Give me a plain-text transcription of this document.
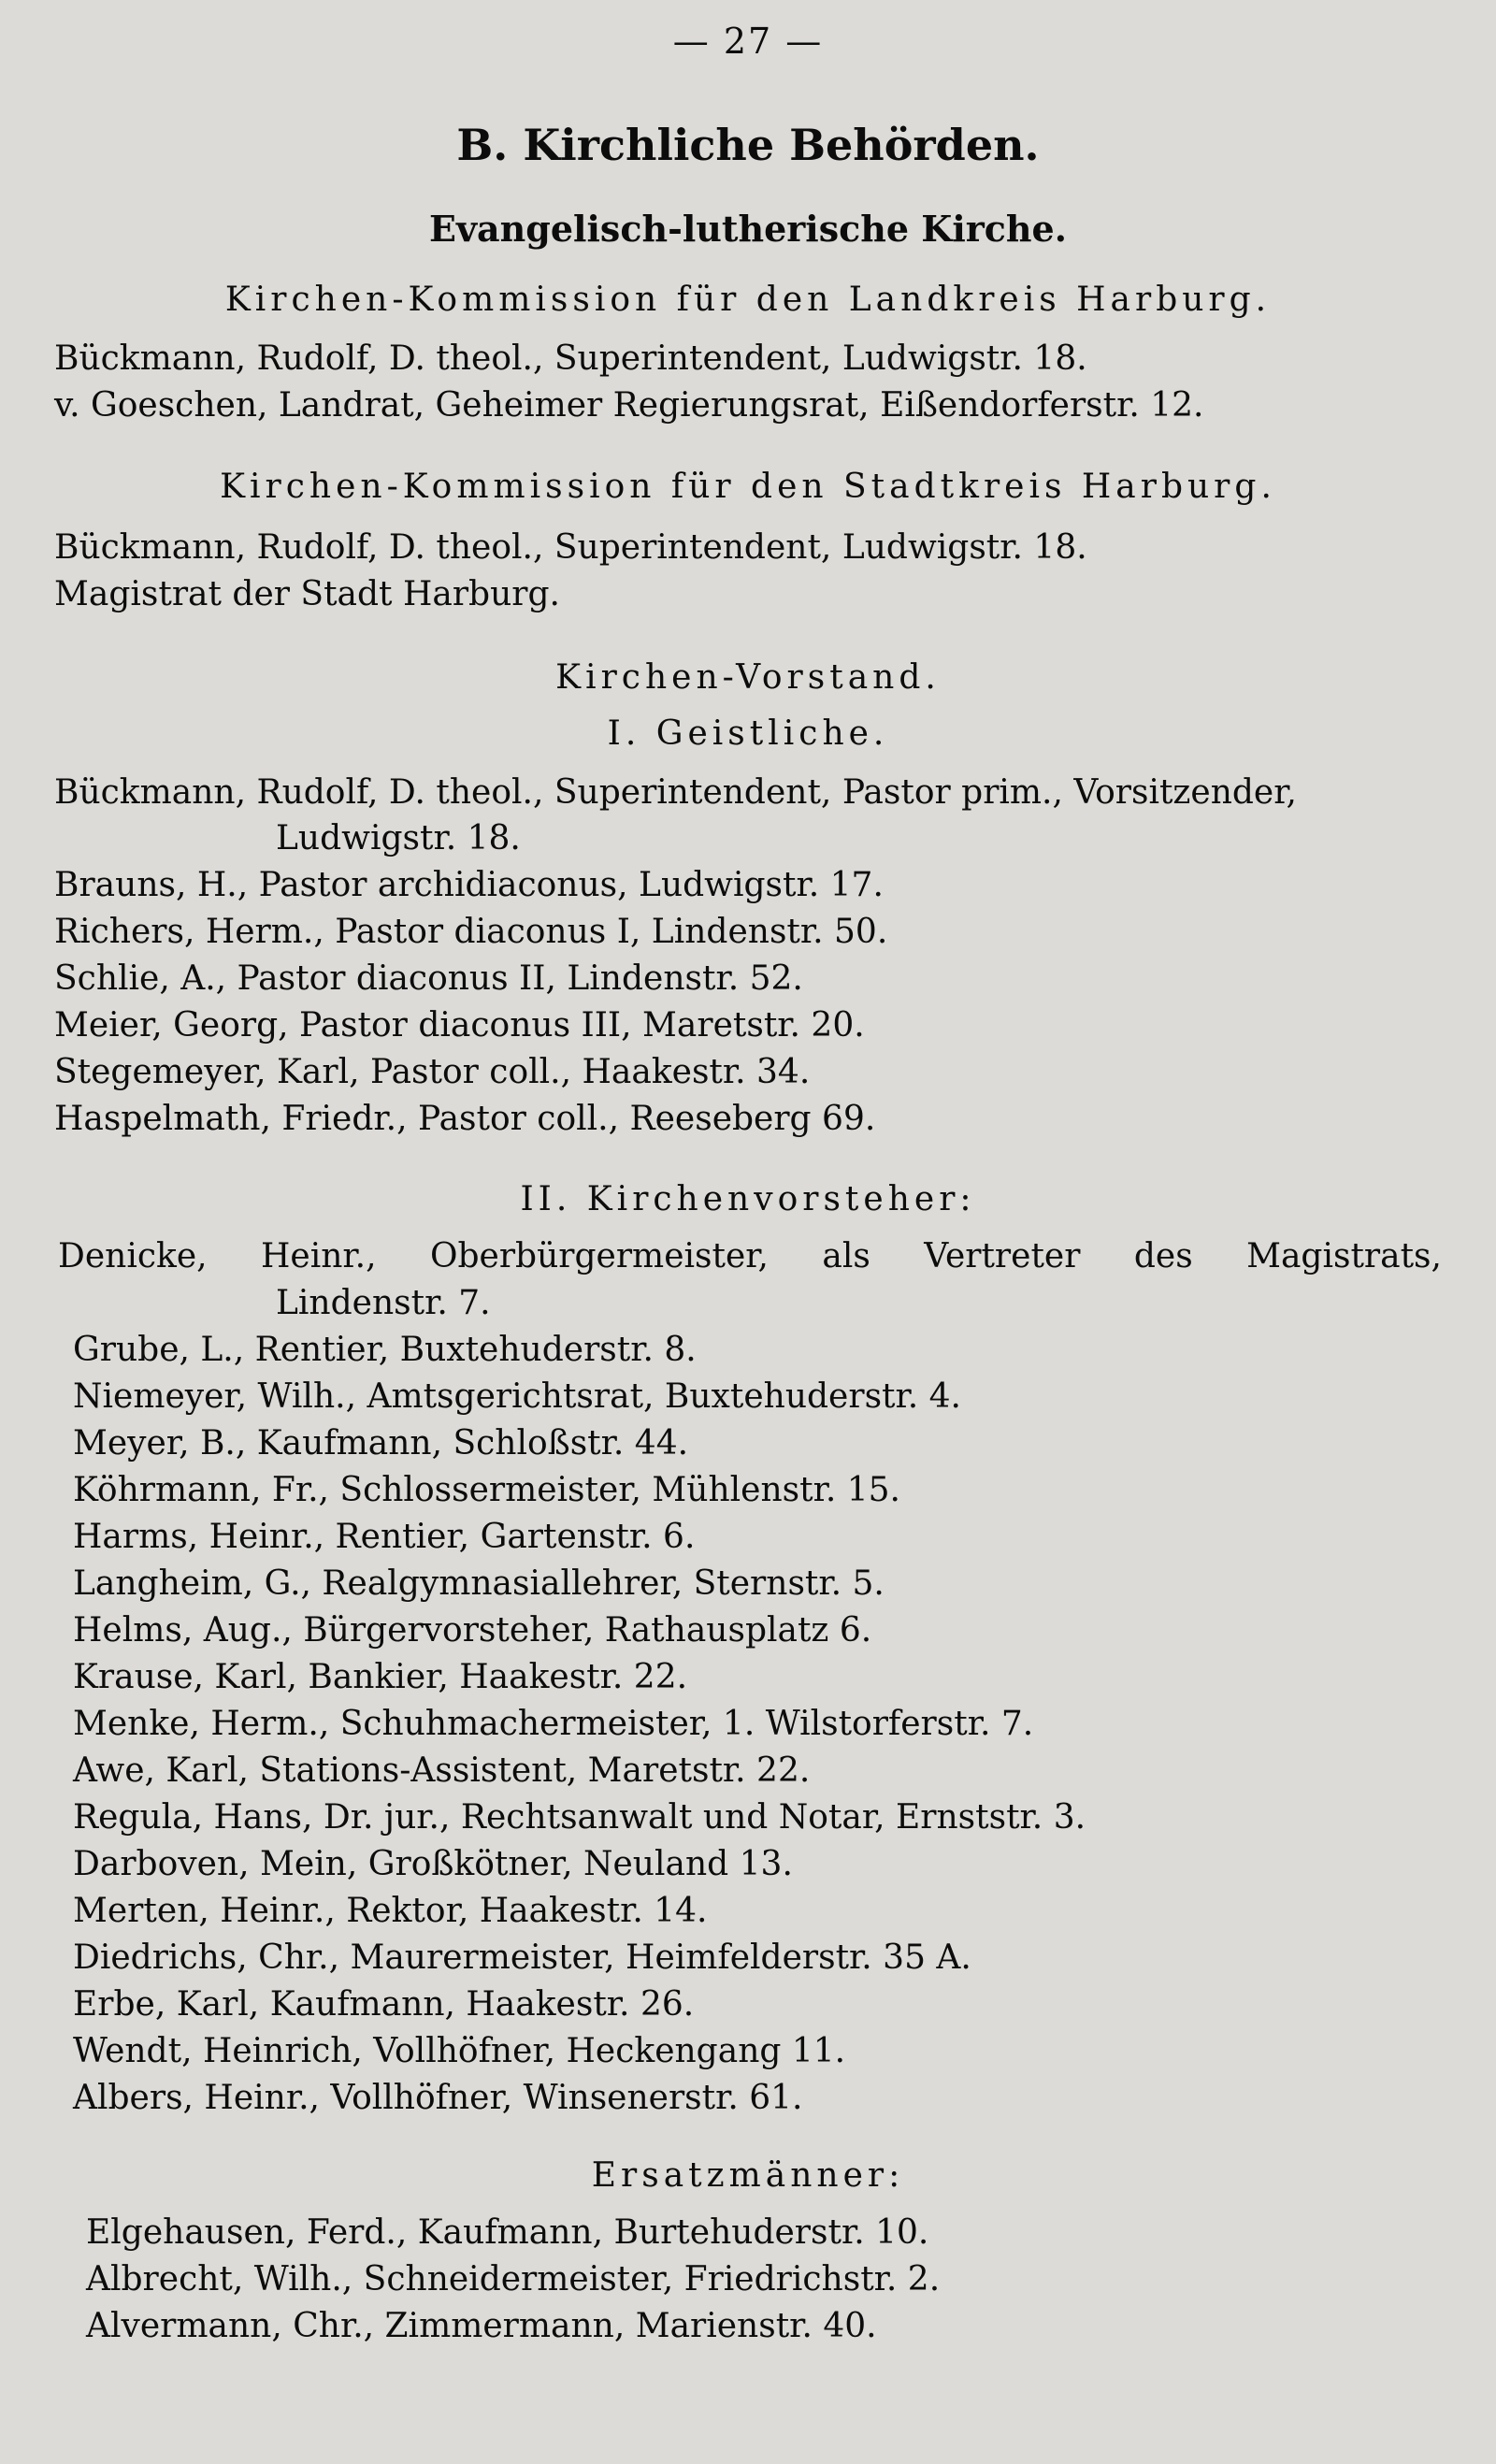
— 27 —
B. Kirchliche Behörden.
Evangelisch-lutherische Kirche.
Kirchen-Kommission für den Landkreis Harburg.
Bückmann, Rudolf, D. theol., Superintendent, Ludwigstr. 18.
v. Goeschen, Landrat, Geheimer Regierungsrat, Eißendorferstr. 12.
Kirchen-Kommission für den Stadtkreis Harburg.
Bückmann, Rudolf, D. theol., Superintendent, Ludwigstr. 18.
Magistrat der Stadt Harburg.
Kirchen-Vorstand.
I. Geistliche.
Bückmann, Rudolf, D. theol., Superintendent, Pastor prim., Vorsitzender,
Ludwigstr. 18.
Brauns, H., Pastor archidiaconus, Ludwigstr. 17.
Richers, Herm., Pastor diaconus I, Lindenstr. 50.
Schlie, A., Pastor diaconus II, Lindenstr. 52.
Meier, Georg, Pastor diaconus III, Maretstr. 20.
Stegemeyer, Karl, Pastor coll., Haakestr. 34.
Haspelmath, Friedr., Pastor coll., Reeseberg 69.
II. Kirchenvorsteher:
Denicke, Heinr., Oberbürgermeister, als Vertreter des Magistrats,
Lindenstr. 7.
Grube, L., Rentier, Buxtehuderstr. 8.
Niemeyer, Wilh., Amtsgerichtsrat, Buxtehuderstr. 4.
Meyer, B., Kaufmann, Schloßstr. 44.
Köhrmann, Fr., Schlossermeister, Mühlenstr. 15.
Harms, Heinr., Rentier, Gartenstr. 6.
Langheim, G., Realgymnasiallehrer, Sternstr. 5.
Helms, Aug., Bürgervorsteher, Rathausplatz 6.
Krause, Karl, Bankier, Haakestr. 22.
Menke, Herm., Schuhmachermeister, 1. Wilstorferstr. 7.
Awe, Karl, Stations-Assistent, Maretstr. 22.
Regula, Hans, Dr. jur., Rechtsanwalt und Notar, Ernststr. 3.
Darboven, Mein, Großkötner, Neuland 13.
Merten, Heinr., Rektor, Haakestr. 14.
Diedrichs, Chr., Maurermeister, Heimfelderstr. 35 A.
Erbe, Karl, Kaufmann, Haakestr. 26.
Wendt, Heinrich, Vollhöfner, Heckengang 11.
Albers, Heinr., Vollhöfner, Winsenerstr. 61.
Ersatzmänner:
Elgehausen, Ferd., Kaufmann, Burtehuderstr. 10.
Albrecht, Wilh., Schneidermeister, Friedrichstr. 2.
Alvermann, Chr., Zimmermann, Marienstr. 40.
